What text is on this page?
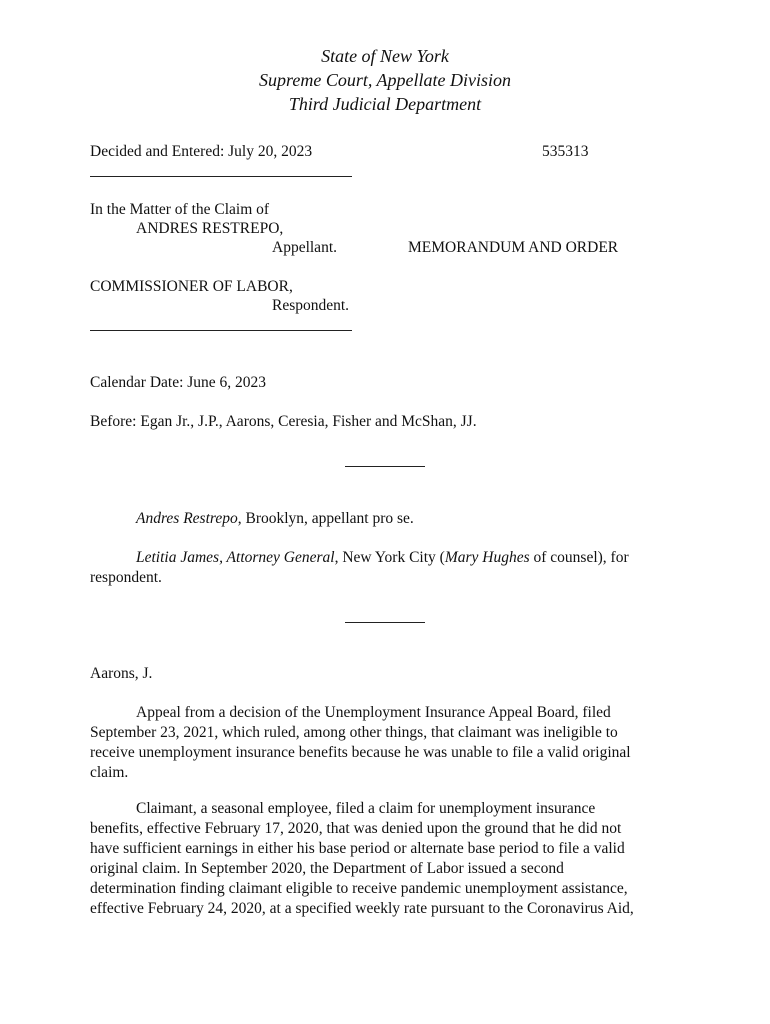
State of New York
Supreme Court, Appellate Division
Third Judicial Department
Decided and Entered: July 20, 2023	535313
In the Matter of the Claim of
ANDRES RESTREPO,
Appellant.	MEMORANDUM AND ORDER
COMMISSIONER OF LABOR,
Respondent.
Calendar Date: June 6, 2023
Before: Egan Jr., J.P., Aarons, Ceresia, Fisher and McShan, JJ.
Andres Restrepo, Brooklyn, appellant pro se.
Letitia James, Attorney General, New York City (Mary Hughes of counsel), for
respondent.
Aarons, J.
Appeal from a decision of the Unemployment Insurance Appeal Board, filed
September 23, 2021, which ruled, among other things, that claimant was ineligible to
receive unemployment insurance benefits because he was unable to file a valid original
claim.
Claimant, a seasonal employee, filed a claim for unemployment insurance
benefits, effective February 17, 2020, that was denied upon the ground that he did not
have sufficient earnings in either his base period or alternate base period to file a valid
original claim. In September 2020, the Department of Labor issued a second
determination finding claimant eligible to receive pandemic unemployment assistance,
effective February 24, 2020, at a specified weekly rate pursuant to the Coronavirus Aid,
